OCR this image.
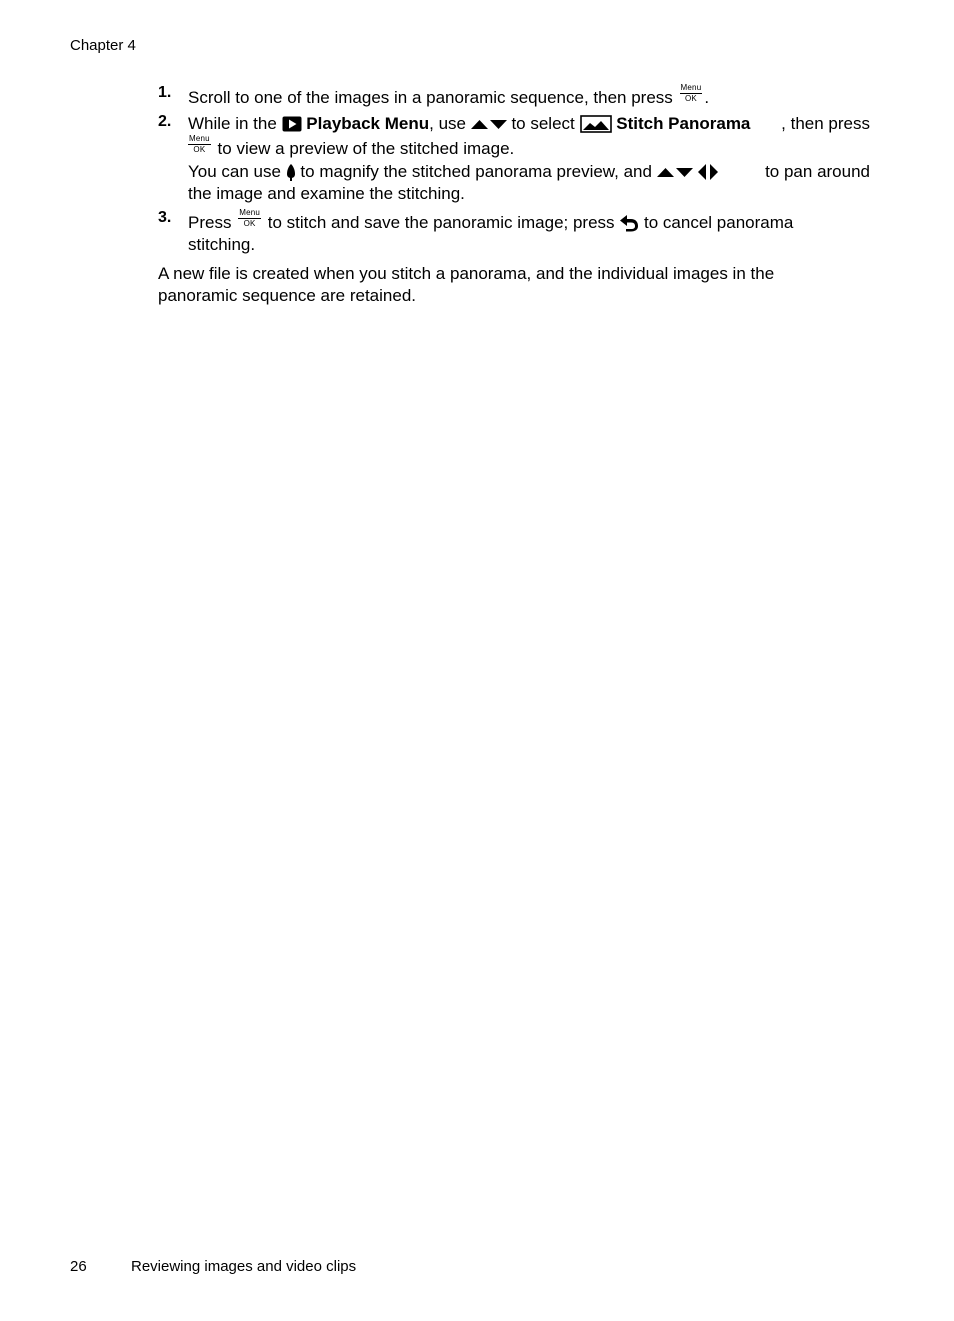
Chapter 4
1. Scroll to one of the images in a panoramic sequence, then press
Menu
OK .
2. While in the Playback Menu, use	to select Stitch Panorama , then press
Menu
OK to view a preview of the stitched image.
You can use to magnify the stitched panorama preview, and	to pan around
the image and examine the stitching.
3. Press
Menu
OK to stitch and save the panoramic image; press to cancel panorama
stitching.
A new file is created when you stitch a panorama, and the individual images in the
panoramic sequence are retained.
26	Reviewing images and video clips
